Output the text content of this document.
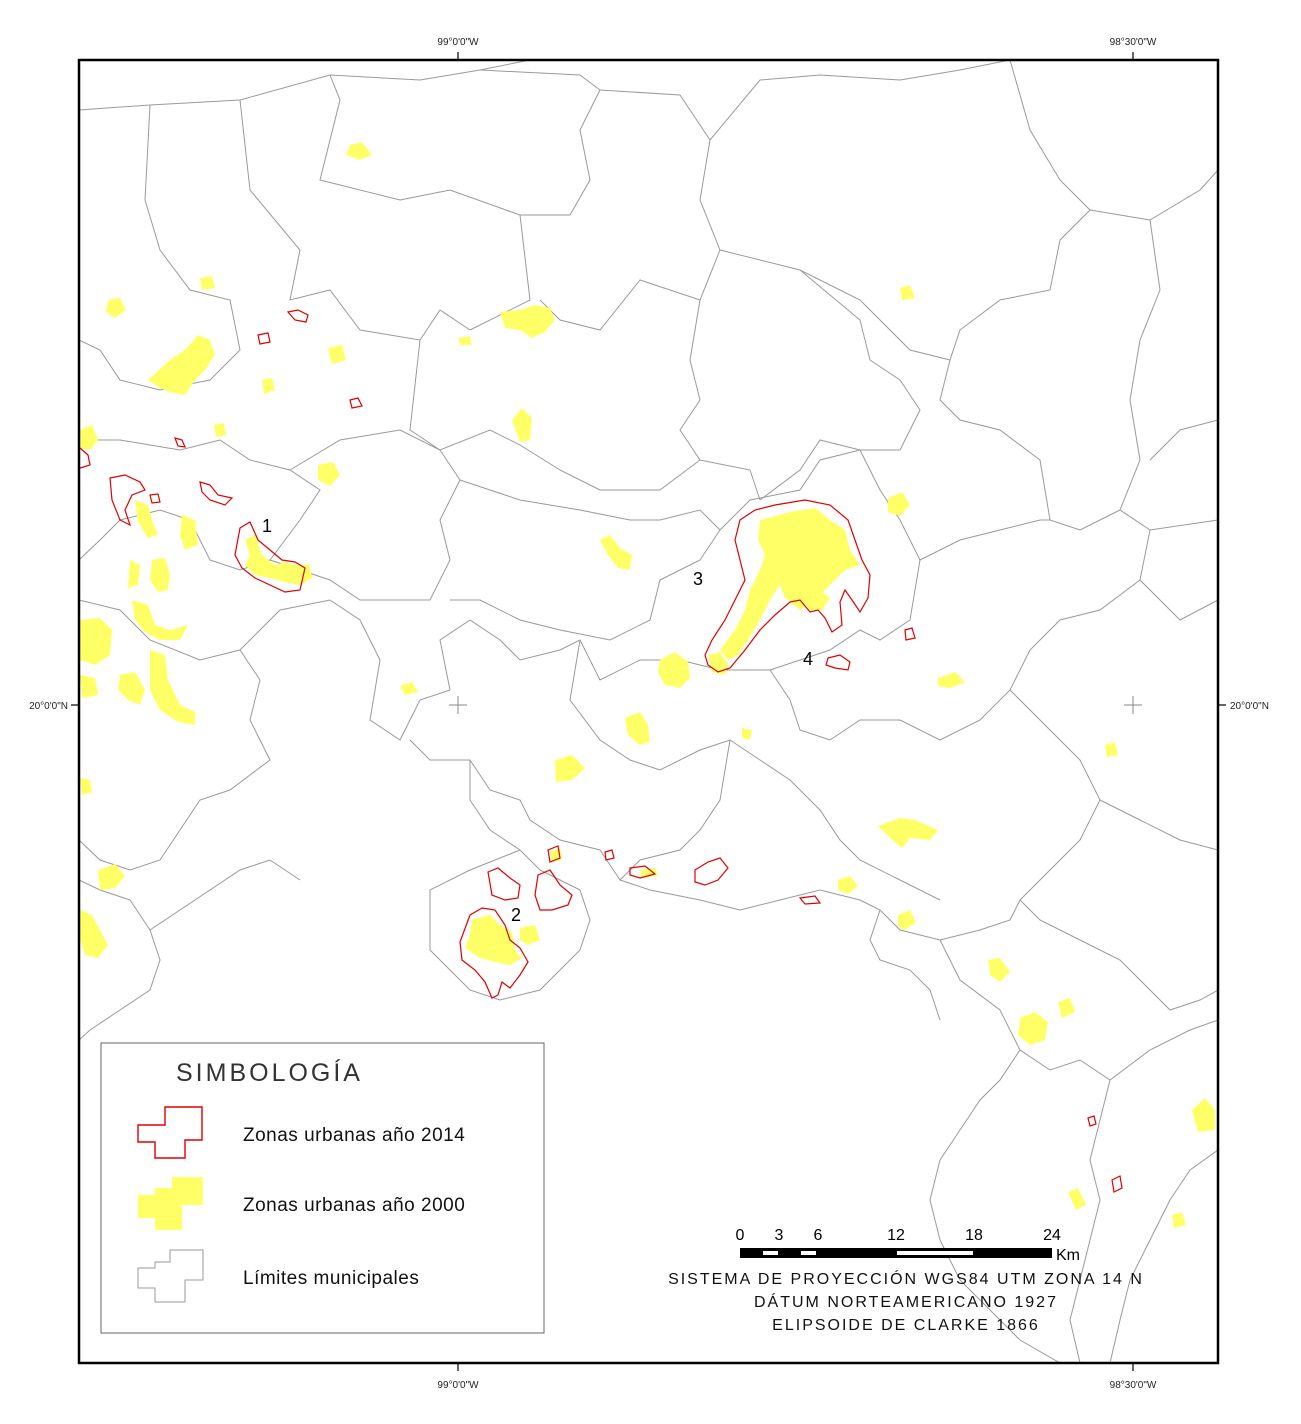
99°0'0"W	98°30'0"W
99°0'0"W	98°30'0"W
20°0'0"N	20°0'0"N
1
2
3
4
SIMBOLOGÍA
Zonas urbanas año 2014
Zonas urbanas año 2000
Límites municipales
0 3 6	12	18	24
Km
SISTEMA DE PROYECCIÓN WGS84 UTM ZONA 14 N
DÁTUM NORTEAMERICANO 1927
ELIPSOIDE DE CLARKE 1866
